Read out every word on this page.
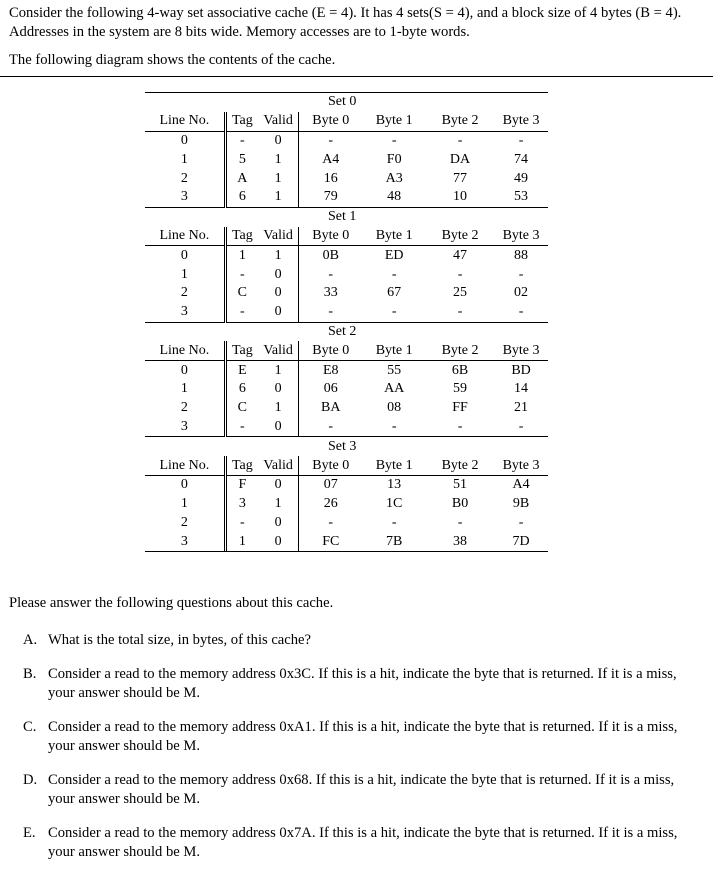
Consider the following 4-way set associative cache (E = 4). It has 4 sets(S = 4), and a block size of 4 bytes (B = 4). Addresses in the system are 8 bits wide. Memory accesses are to 1-byte words.

The following diagram shows the contents of the cache.

Set 0						
Line No.	Tag	Valid	Byte 0	Byte 1	Byte 2	Byte 3
0	-	0	-	-	-	-
1	5	1	A4	F0	DA	74
2	A	1	16	A3	77	49
3	6	1	79	48	10	53
Set 1						
Line No.	Tag	Valid	Byte 0	Byte 1	Byte 2	Byte 3
0	1	1	0B	ED	47	88
1	-	0	-	-	-	-
2	C	0	33	67	25	02
3	-	0	-	-	-	-
Set 2						
Line No.	Tag	Valid	Byte 0	Byte 1	Byte 2	Byte 3
0	E	1	E8	55	6B	BD
1	6	0	06	AA	59	14
2	C	1	BA	08	FF	21
3	-	0	-	-	-	-
Set 3						
Line No.	Tag	Valid	Byte 0	Byte 1	Byte 2	Byte 3
0	F	0	07	13	51	A4
1	3	1	26	1C	B0	9B
2	-	0	-	-	-	-
3	1	0	FC	7B	38	7D

Please answer the following questions about this cache.

A. What is the total size, in bytes, of this cache?
B. Consider a read to the memory address 0x3C. If this is a hit, indicate the byte that is returned. If it is a miss, your answer should be M.
C. Consider a read to the memory address 0xA1. If this is a hit, indicate the byte that is returned. If it is a miss, your answer should be M.
D. Consider a read to the memory address 0x68. If this is a hit, indicate the byte that is returned. If it is a miss, your answer should be M.
E. Consider a read to the memory address 0x7A. If this is a hit, indicate the byte that is returned. If it is a miss, your answer should be M.
